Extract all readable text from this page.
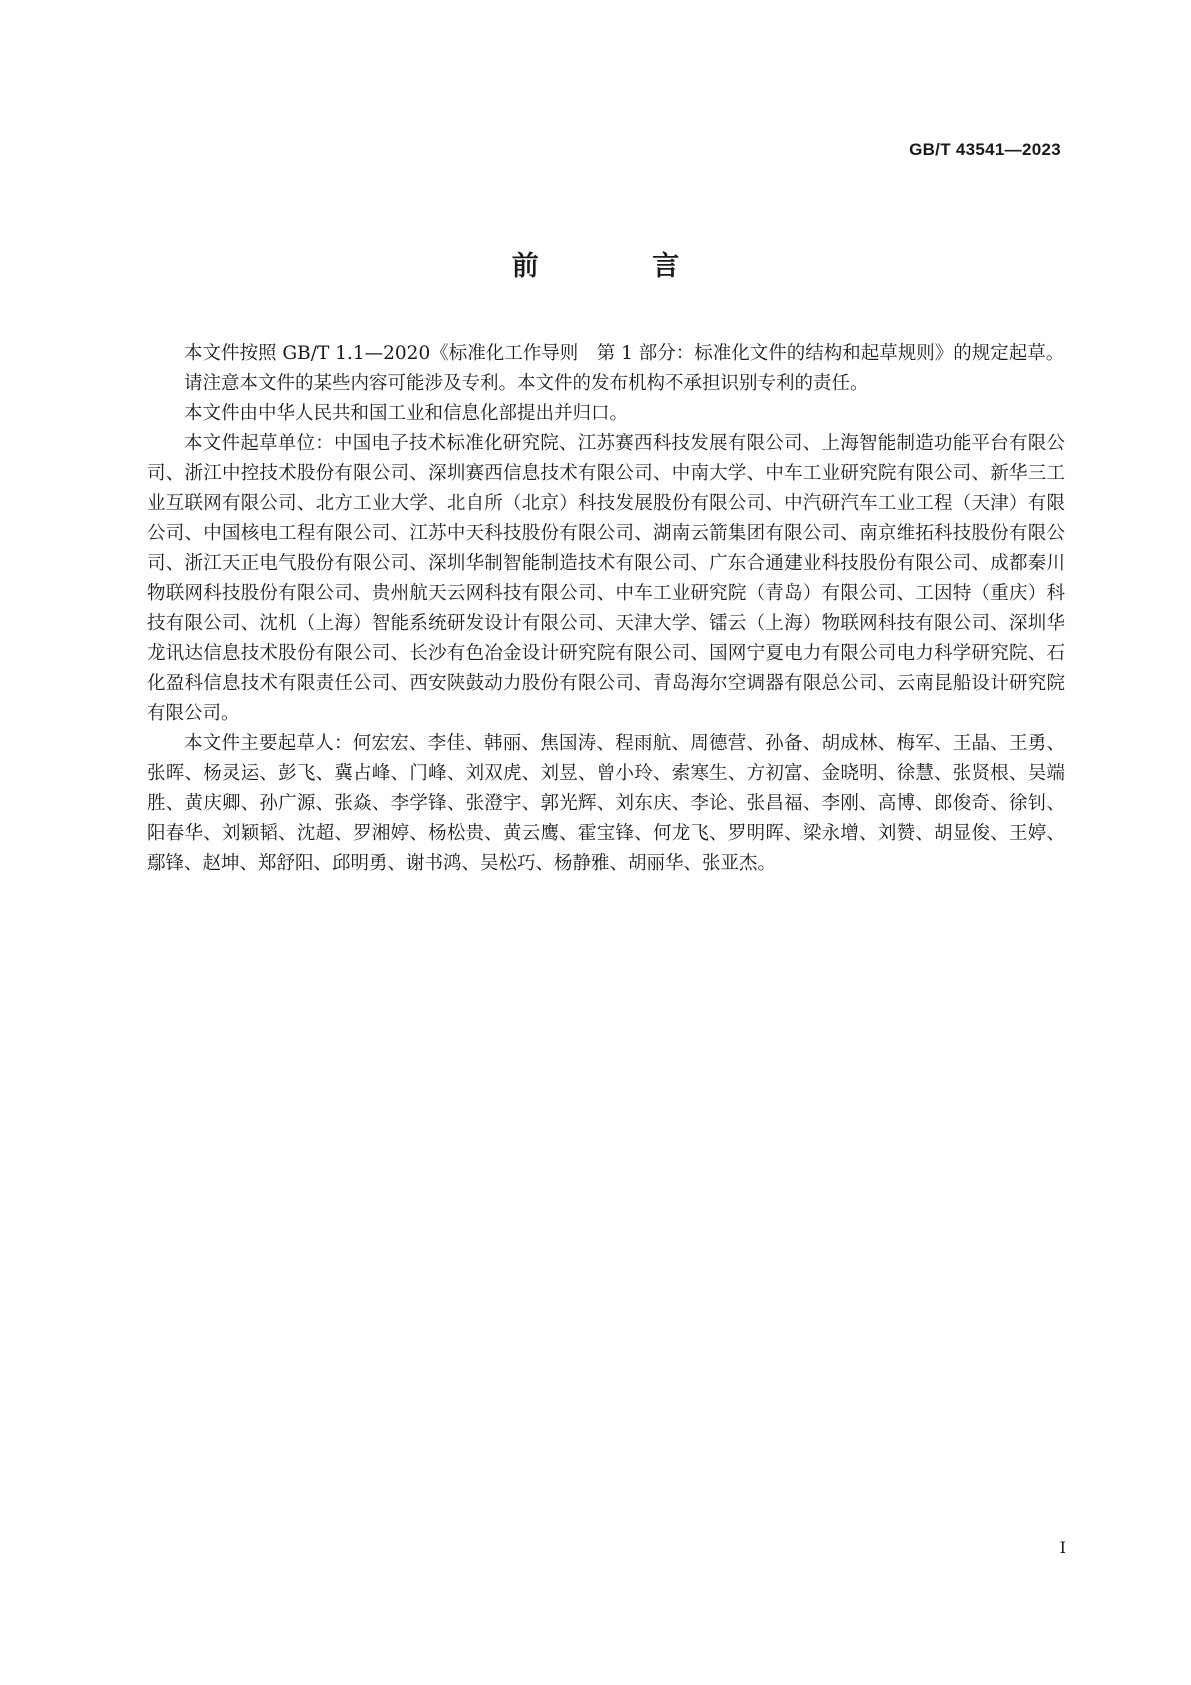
GB/T 43541—2023
前 言

本文件按照 GB/T 1.1—2020《标准化工作导则　第 1 部分：标准化文件的结构和起草规则》的规定起草。

请注意本文件的某些内容可能涉及专利。本文件的发布机构不承担识别专利的责任。

本文件由中华人民共和国工业和信息化部提出并归口。

本文件起草单位：中国电子技术标准化研究院、江苏赛西科技发展有限公司、上海智能制造功能平台有限公司、浙江中控技术股份有限公司、深圳赛西信息技术有限公司、中南大学、中车工业研究院有限公司、新华三工业互联网有限公司、北方工业大学、北自所（北京）科技发展股份有限公司、中汽研汽车工业工程（天津）有限公司、中国核电工程有限公司、江苏中天科技股份有限公司、湖南云箭集团有限公司、南京维拓科技股份有限公司、浙江天正电气股份有限公司、深圳华制智能制造技术有限公司、广东合通建业科技股份有限公司、成都秦川物联网科技股份有限公司、贵州航天云网科技有限公司、中车工业研究院（青岛）有限公司、工因特（重庆）科技有限公司、沈机（上海）智能系统研发设计有限公司、天津大学、镭云（上海）物联网科技有限公司、深圳华龙讯达信息技术股份有限公司、长沙有色冶金设计研究院有限公司、国网宁夏电力有限公司电力科学研究院、石化盈科信息技术有限责任公司、西安陕鼓动力股份有限公司、青岛海尔空调器有限总公司、云南昆船设计研究院有限公司。

本文件主要起草人：何宏宏、李佳、韩丽、焦国涛、程雨航、周德营、孙备、胡成林、梅军、王晶、王勇、张晖、杨灵运、彭飞、冀占峰、门峰、刘双虎、刘昱、曾小玲、索寒生、方初富、金晓明、徐慧、张贤根、吴端胜、黄庆卿、孙广源、张焱、李学锋、张澄宇、郭光辉、刘东庆、李论、张昌福、李刚、高博、郎俊奇、徐钊、阳春华、刘颖韬、沈超、罗湘婷、杨松贵、黄云鹰、霍宝锋、何龙飞、罗明晖、梁永增、刘赞、胡显俊、王婷、鄢锋、赵坤、郑舒阳、邱明勇、谢书鸿、吴松巧、杨静雅、胡丽华、张亚杰。

I
